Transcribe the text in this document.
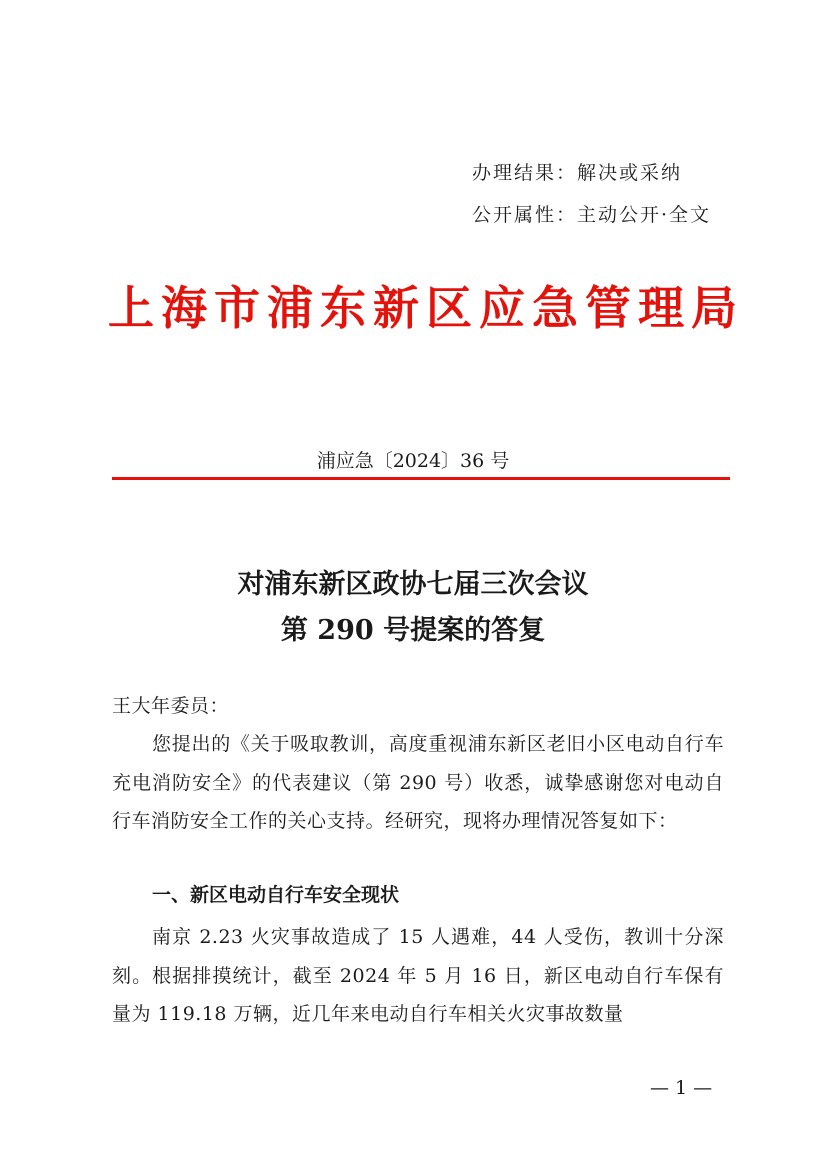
办理结果：解决或采纳
公开属性：主动公开·全文
上海市浦东新区应急管理局
浦应急〔2024〕36 号
对浦东新区政协七届三次会议
第 290 号提案的答复
王大年委员：
您提出的《关于吸取教训，高度重视浦东新区老旧小区电动自行车充电消防安全》的代表建议（第 290 号）收悉，诚挚感谢您对电动自行车消防安全工作的关心支持。经研究，现将办理情况答复如下：
一、新区电动自行车安全现状
南京 2.23 火灾事故造成了 15 人遇难，44 人受伤，教训十分深刻。根据排摸统计，截至 2024 年 5 月 16 日，新区电动自行车保有量为 119.18 万辆，近几年来电动自行车相关火灾事故数量
— 1 —
